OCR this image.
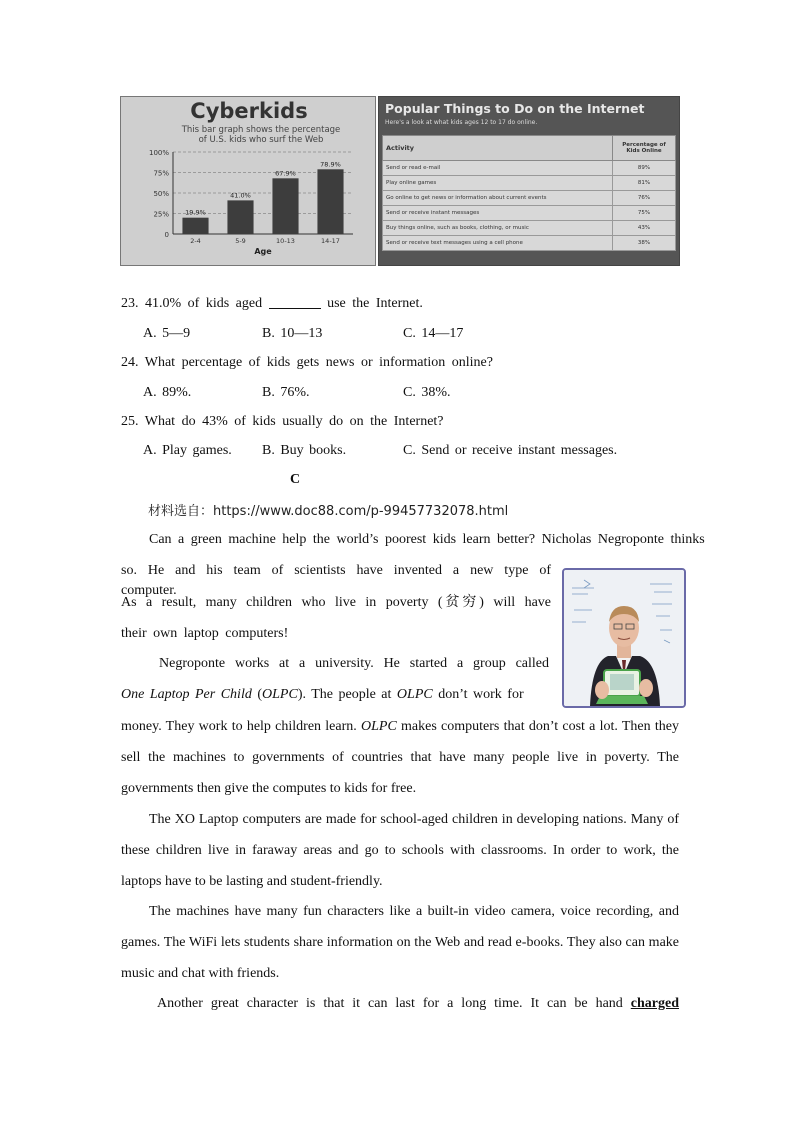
100%
75%
50%
25%
0
19.9%
2-4
41.0%
5-9
67.9%
10-13
78.9%
14-17
Age
Cyberkids
This bar graph shows the percentage
of U.S. kids who surf the Web
Popular Things to Do on the Internet
Here's a look at what kids ages 12 to 17 do online.
Activity	Percentage of Kids Online
Send or read e-mail	89%
Play online games	81%
Go online to get news or information about current events	76%
Send or receive instant messages	75%
Buy things online, such as books, clothing, or music	43%
Send or receive text messages using a cell phone	38%
23. 41.0% of kids aged	use the Internet.
A. 5—9	B. 10—13	C. 14—17
24. What percentage of kids gets news or information online?
A. 89%.	B. 76%.	C. 38%.
25. What do 43% of kids usually do on the Internet?
A. Play games. B. Buy books.	C. Send or receive instant messages.
C
材料选自：https://www.doc88.com/p-99457732078.html
Can a green machine help the world’s poorest kids learn better? Nicholas Negroponte thinks
so. He and his team of scientists have invented a new type of computer.
As a result, many children who live in poverty (贫穷) will have
their own laptop computers!
Negroponte works at a university. He started a group called
One Laptop Per Child (OLPC). The people at OLPC don’t work for
money. They work to help children learn. OLPC makes computers that don’t cost a lot. Then they sell the machines to governments of countries that have many people live in poverty. The governments then give the computes to kids for free.
The XO Laptop computers are made for school-aged children in developing nations. Many of these children live in faraway areas and go to schools with classrooms. In order to work, the laptops have to be lasting and student-friendly.
The machines have many fun characters like a built-in video camera, voice recording, and games. The WiFi lets students share information on the Web and read e-books. They also can make music and chat with friends.
Another great character is that it can last for a long time. It can be hand charged
